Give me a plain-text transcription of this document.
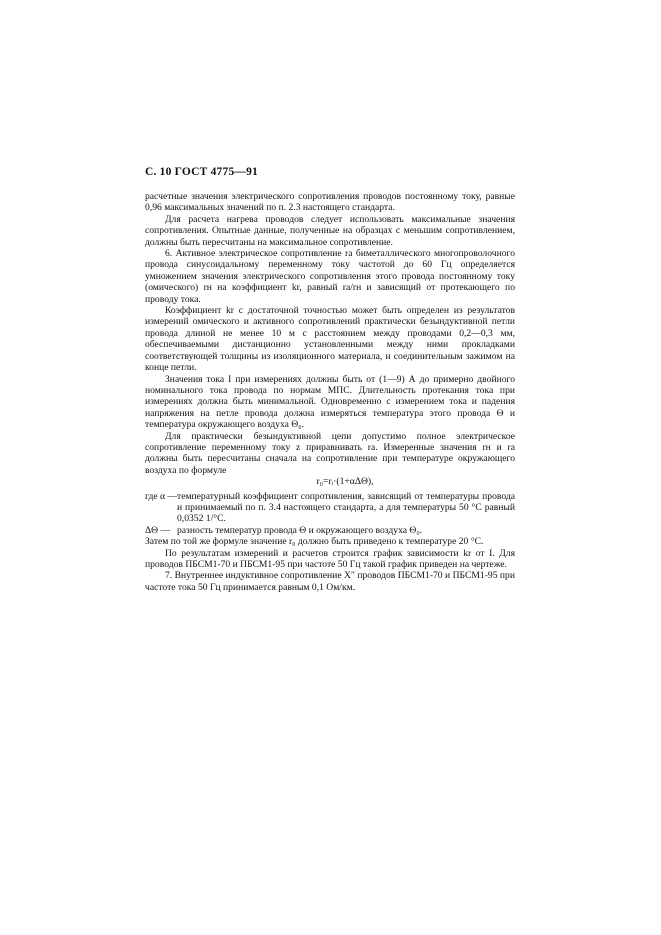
С. 10 ГОСТ 4775—91

расчетные значения электрического сопротивления проводов постоянному току, равные 0,96 максимальных значений по п. 2.3 настоящего стандарта.

Для расчета нагрева проводов следует использовать максимальные значения сопротивления. Опытные данные, полученные на образцах с меньшим сопротивлением, должны быть пересчитаны на максимальное сопротивление.

6. Активное электрическое сопротивление rа биметаллического многопроволочного провода синусоидальному переменному току частотой до 60 Гц определяется умножением значения электрического сопротивления этого провода постоянному току (омического) rн на коэффициент kr, равный rа/rн и зависящий от протекающего по проводу тока.

Коэффициент kr с достаточной точностью может быть определен из результатов измерений омического и активного сопротивлений практически безындуктивной петли провода длиной не менее 10 м с расстоянием между проводами 0,2—0,3 мм, обеспечиваемыми дистанционно установленными между ними прокладками соответствующей толщины из изоляционного материала, и соединительным зажимом на конце петли.

Значения тока I при измерениях должны быть от (1—9) А до примерно двойного номинального тока провода по нормам МПС. Длительность протекания тока при измерениях должна быть минимальной. Одновременно с измерением тока и падения напряжения на петле провода должна измеряться температура этого провода Θ и температура окружающего воздуха Θ₀.

Для практически безындуктивной цепи допустимо полное электрическое сопротивление переменному току z приравнивать rа. Измеренные значения rн и rа должны быть пересчитаны сначала на сопротивление при температуре окружающего воздуха по формуле

r₀=rᵢ·(1+αΔΘ),

где α — температурный коэффициент сопротивления, зависящий от температуры провода и принимаемый по п. 3.4 настоящего стандарта, а для температуры 50 °С равный 0,0352 1/°С.
ΔΘ — разность температур провода Θ и окружающего воздуха Θ₀.

Затем по той же формуле значение r₀ должно быть приведено к температуре 20 °С.

По результатам измерений и расчетов строится график зависимости kr от I. Для проводов ПБСМ1-70 и ПБСМ1-95 при частоте 50 Гц такой график приведен на чертеже.

7. Внутреннее индуктивное сопротивление X″ проводов ПБСМ1-70 и ПБСМ1-95 при частоте тока 50 Гц принимается равным 0,1 Ом/км.
